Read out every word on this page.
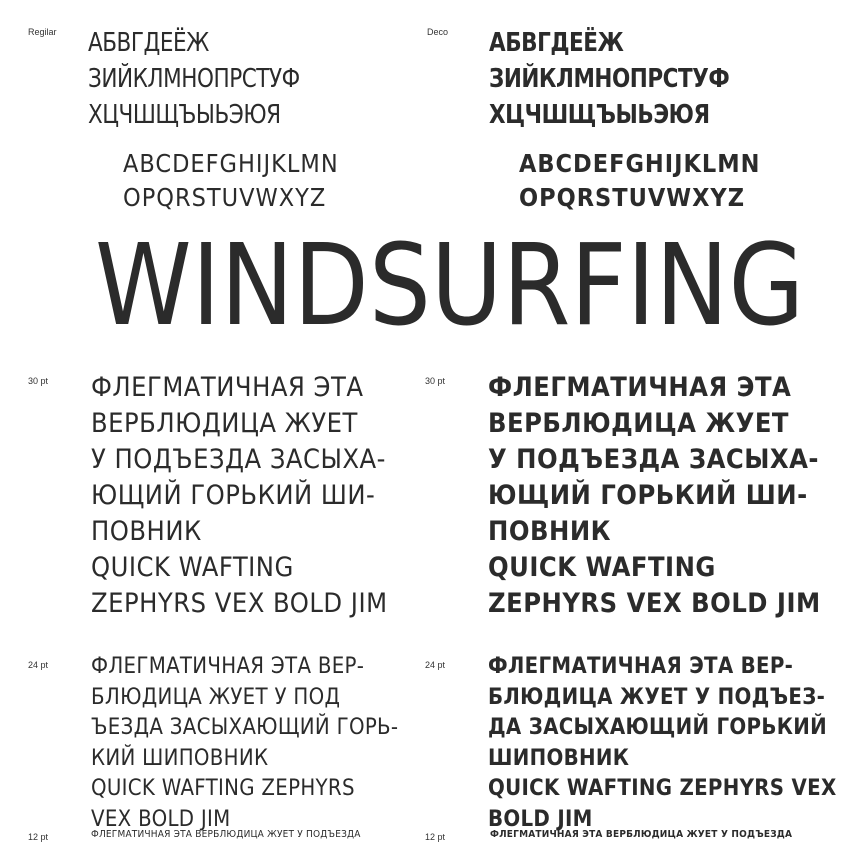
Regilar	Deco
30 pt	30 pt
24 pt	24 pt
12 pt	12 pt
АБВГДЕЁЖ
ЗИЙКЛМНОПРСТУФ
ХЦЧШЩЪЫЬЭЮЯ
ABCDEFGHIJKLMN
OPQRSTUVWXYZ
АБВГДЕЁЖ
ЗИЙКЛМНОПРСТУФ
ХЦЧШЩЪЫЬЭЮЯ
ABCDEFGHIJKLMN
OPQRSTUVWXYZ
WINDSURFING
ФЛЕГМАТИЧНАЯ ЭТА
ВЕРБЛЮДИЦА ЖУЕТ
У ПОДЪЕЗДА ЗАСЫХА-
ЮЩИЙ ГОРЬКИЙ ШИ-
ПОВНИК
QUICK WAFTING
ZEPHYRS VEX BOLD JIM
ФЛЕГМАТИЧНАЯ ЭТА
ВЕРБЛЮДИЦА ЖУЕТ
У ПОДЪЕЗДА ЗАСЫХА-
ЮЩИЙ ГОРЬКИЙ ШИ-
ПОВНИК
QUICK WAFTING
ZEPHYRS VEX BOLD JIM
ФЛЕГМАТИЧНАЯ ЭТА ВЕР-
БЛЮДИЦА ЖУЕТ У ПОД
ЪЕЗДА ЗАСЫХАЮЩИЙ ГОРЬ-
КИЙ ШИПОВНИК
QUICK WAFTING ZEPHYRS
VEX BOLD JIM
ФЛЕГМАТИЧНАЯ ЭТА ВЕР-
БЛЮДИЦА ЖУЕТ У ПОДЪЕЗ-
ДА ЗАСЫХАЮЩИЙ ГОРЬКИЙ
ШИПОВНИК
QUICK WAFTING ZEPHYRS VEX
BOLD JIM
ФЛЕГМАТИЧНАЯ ЭТА ВЕРБЛЮДИЦА ЖУЕТ У ПОДЪЕЗДА	ФЛЕГМАТИЧНАЯ ЭТА ВЕРБЛЮДИЦА ЖУЕТ У ПОДЪЕЗДА
